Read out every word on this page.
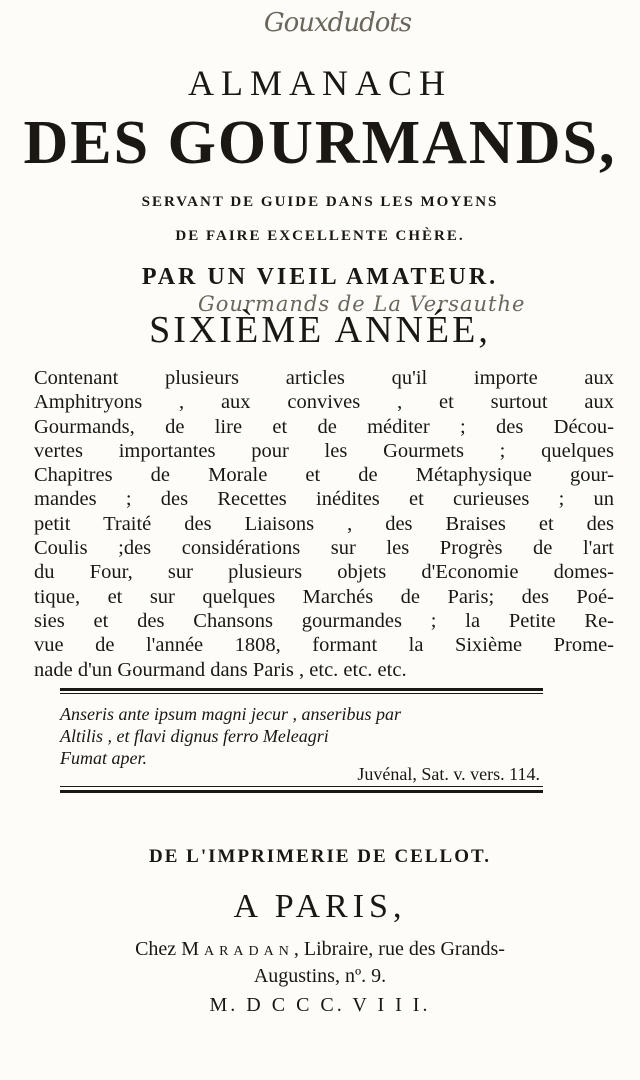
Gouxdudots
ALMANACH
DES GOURMANDS,
SERVANT DE GUIDE DANS LES MOYENS
DE FAIRE EXCELLENTE CHÈRE.
PAR UN VIEIL AMATEUR.
Gourmands de La Versauthe
SIXIÈME ANNÉE,
Contenant plusieurs articles qu'il importe aux
Amphitryons , aux convives , et surtout aux
Gourmands, de lire et de méditer ; des Décou-
vertes importantes pour les Gourmets ; quelques
Chapitres de Morale et de Métaphysique gour-
mandes ; des Recettes inédites et curieuses ; un
petit Traité des Liaisons , des Braises et des
Coulis ;des considérations sur les Progrès de l'art
du Four, sur plusieurs objets d'Economie domes-
tique, et sur quelques Marchés de Paris; des Poé-
sies et des Chansons gourmandes ; la Petite Re-
vue de l'année 1808, formant la Sixième Prome-
nade d'un Gourmand dans Paris , etc. etc. etc.
Anseris ante ipsum magni jecur , anseribus par
Altilis , et flavi dignus ferro Meleagri
Fumat aper.
Juvénal, Sat. v. vers. 114.
DE L'IMPRIMERIE DE CELLOT.
A PARIS,
Chez Maradan, Libraire, rue des Grands-
Augustins, nº. 9.
M. D C C C. V I I I.
